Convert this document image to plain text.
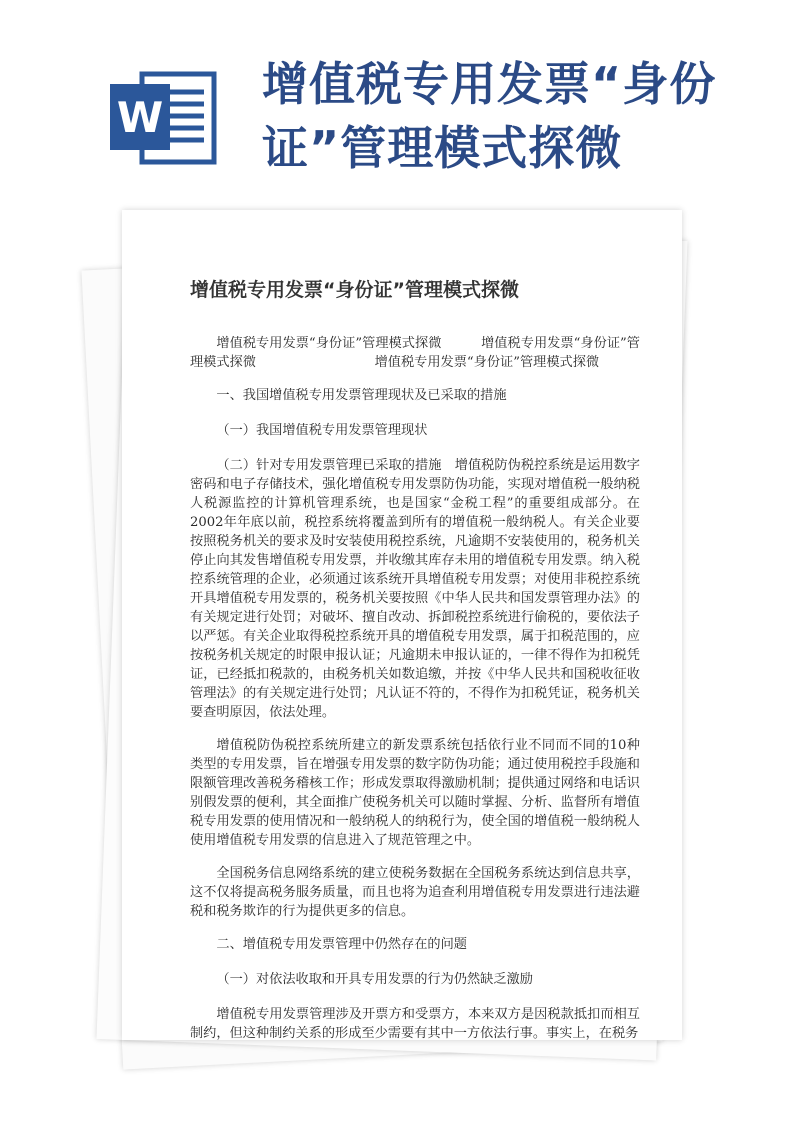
W
增值税专用发票“身份证”管理模式探微
增值税专用发票“身份证”管理模式探微

增值税专用发票“身份证”管理模式探微　　　增值税专用发票“身份证”管理模式探微　　　　　　　　　增值税专用发票“身份证”管理模式探微

一、我国增值税专用发票管理现状及已采取的措施

（一）我国增值税专用发票管理现状

（二）针对专用发票管理已采取的措施　增值税防伪税控系统是运用数字密码和电子存储技术，强化增值税专用发票防伪功能，实现对增值税一般纳税人税源监控的计算机管理系统，也是国家“金税工程”的重要组成部分。在2002年年底以前，税控系统将覆盖到所有的增值税一般纳税人。有关企业要按照税务机关的要求及时安装使用税控系统，凡逾期不安装使用的，税务机关停止向其发售增值税专用发票，并收缴其库存未用的增值税专用发票。纳入税控系统管理的企业，必须通过该系统开具增值税专用发票；对使用非税控系统开具增值税专用发票的，税务机关要按照《中华人民共和国发票管理办法》的有关规定进行处罚；对破坏、擅自改动、拆卸税控系统进行偷税的，要依法子以严惩。有关企业取得税控系统开具的增值税专用发票，属于扣税范围的，应按税务机关规定的时限申报认证；凡逾期未申报认证的，一律不得作为扣税凭证，已经抵扣税款的，由税务机关如数追缴，并按《中华人民共和国税收征收管理法》的有关规定进行处罚；凡认证不符的，不得作为扣税凭证，税务机关要查明原因，依法处理。

增值税防伪税控系统所建立的新发票系统包括依行业不同而不同的10种类型的专用发票，旨在增强专用发票的数字防伪功能；通过使用税控手段施和限额管理改善税务稽核工作；形成发票取得激励机制；提供通过网络和电话识别假发票的便利，其全面推广使税务机关可以随时掌握、分析、监督所有增值税专用发票的使用情况和一般纳税人的纳税行为，使全国的增值税一般纳税人使用增值税专用发票的信息进入了规范管理之中。

全国税务信息网络系统的建立使税务数据在全国税务系统达到信息共享，这不仅将提高税务服务质量，而且也将为追查利用增值税专用发票进行违法避税和税务欺诈的行为提供更多的信息。

二、增值税专用发票管理中仍然存在的问题

（一）对依法收取和开具专用发票的行为仍然缺乏激励

增值税专用发票管理涉及开票方和受票方，本来双方是因税款抵扣而相互制约，但这种制约关系的形成至少需要有其中一方依法行事。事实上，在税务
